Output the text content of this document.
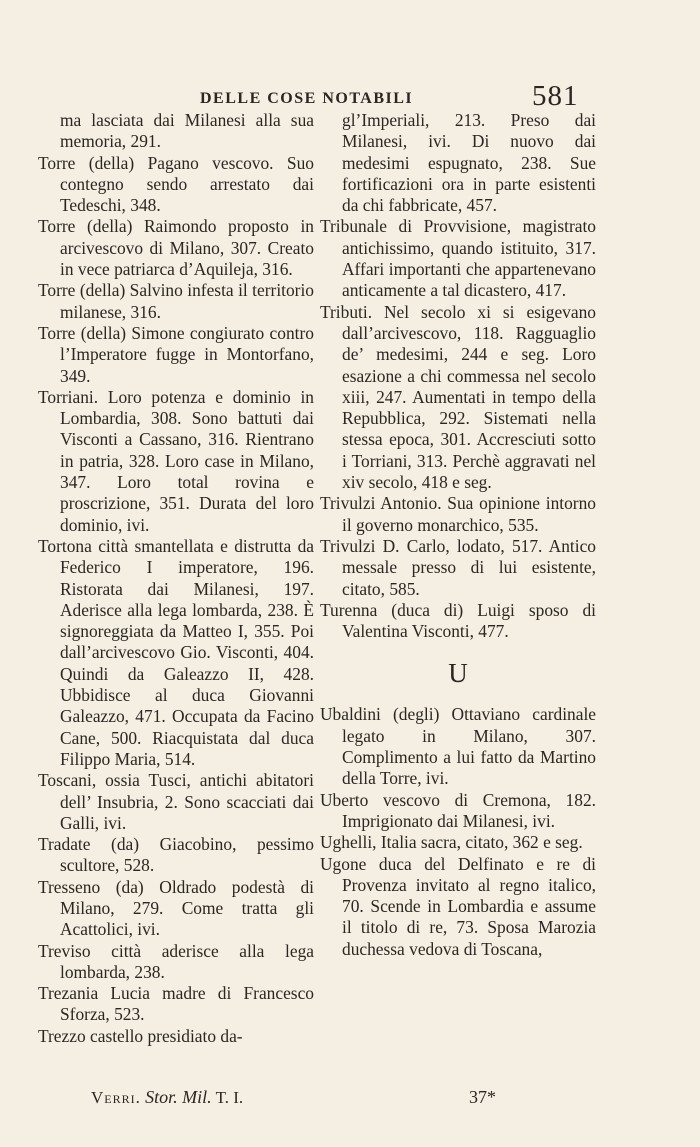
DELLE COSE NOTABILI	581
ma lasciata dai Milanesi alla sua memoria, 291.
Torre (della) Pagano vescovo. Suo contegno sendo arrestato dai Tedeschi, 348.
Torre (della) Raimondo proposto in arcivescovo di Milano, 307. Creato in vece patriarca d’Aquileja, 316.
Torre (della) Salvino infesta il territorio milanese, 316.
Torre (della) Simone congiurato contro l’Imperatore fugge in Montorfano, 349.
Torriani. Loro potenza e dominio in Lombardia, 308. Sono battuti dai Visconti a Cassano, 316. Rientrano in patria, 328. Loro case in Milano, 347. Loro total rovina e proscrizione, 351. Durata del loro dominio, ivi.
Tortona città smantellata e distrutta da Federico I imperatore, 196. Ristorata dai Milanesi, 197. Aderisce alla lega lombarda, 238. È signoreggiata da Matteo I, 355. Poi dall’arcivescovo Gio. Visconti, 404. Quindi da Galeazzo II, 428. Ubbidisce al duca Giovanni Galeazzo, 471. Occupata da Facino Cane, 500. Riacquistata dal duca Filippo Maria, 514.
Toscani, ossia Tusci, antichi abitatori dell’ Insubria, 2. Sono scacciati dai Galli, ivi.
Tradate (da) Giacobino, pessimo scultore, 528.
Tresseno (da) Oldrado podestà di Milano, 279. Come tratta gli Acattolici, ivi.
Treviso città aderisce alla lega lombarda, 238.
Trezania Lucia madre di Francesco Sforza, 523.
Trezzo castello presidiato da-
gl’Imperiali, 213. Preso dai Milanesi, ivi. Di nuovo dai medesimi espugnato, 238. Sue fortificazioni ora in parte esistenti da chi fabbricate, 457.
Tribunale di Provvisione, magistrato antichissimo, quando istituito, 317. Affari importanti che appartenevano anticamente a tal dicastero, 417.
Tributi. Nel secolo xi si esigevano dall’arcivescovo, 118. Ragguaglio de’ medesimi, 244 e seg. Loro esazione a chi commessa nel secolo xiii, 247. Aumentati in tempo della Repubblica, 292. Sistemati nella stessa epoca, 301. Accresciuti sotto i Torriani, 313. Perchè aggravati nel xiv secolo, 418 e seg.
Trivulzi Antonio. Sua opinione intorno il governo monarchico, 535.
Trivulzi D. Carlo, lodato, 517. Antico messale presso di lui esistente, citato, 585.
Turenna (duca di) Luigi sposo di Valentina Visconti, 477.
U
Ubaldini (degli) Ottaviano cardinale legato in Milano, 307. Complimento a lui fatto da Martino della Torre, ivi.
Uberto vescovo di Cremona, 182. Imprigionato dai Milanesi, ivi.
Ughelli, Italia sacra, citato, 362 e seg.
Ugone duca del Delfinato e re di Provenza invitato al regno italico, 70. Scende in Lombardia e assume il titolo di re, 73. Sposa Marozia duchessa vedova di Toscana,
Verri. Stor. Mil. T. I.	37*
